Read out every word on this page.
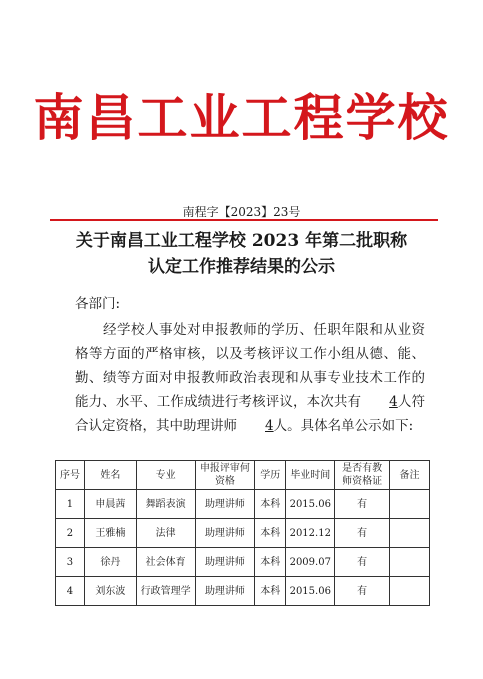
南昌工业工程学校
南程字【2023】23号
关于南昌工业工程学校 2023 年第二批职称
认定工作推荐结果的公示
各部门:

经学校人事处对申报教师的学历、任职年限和从业资格等方面的严格审核，以及考核评议工作小组从德、能、勤、绩等方面对申报教师政治表现和从事专业技术工作的能力、水平、工作成绩进行考核评议，本次共有 4人符合认定资格，其中助理讲师 4人。具体名单公示如下:

序号	姓名	专业	申报评审何资格	学历	毕业时间	是否有教师资格证	备注
1	申晨茜	舞蹈表演	助理讲师	本科	2015.06	有	
2	王雅楠	法律	助理讲师	本科	2012.12	有	
3	徐丹	社会体育	助理讲师	本科	2009.07	有	
4	刘东波	行政管理学	助理讲师	本科	2015.06	有	
